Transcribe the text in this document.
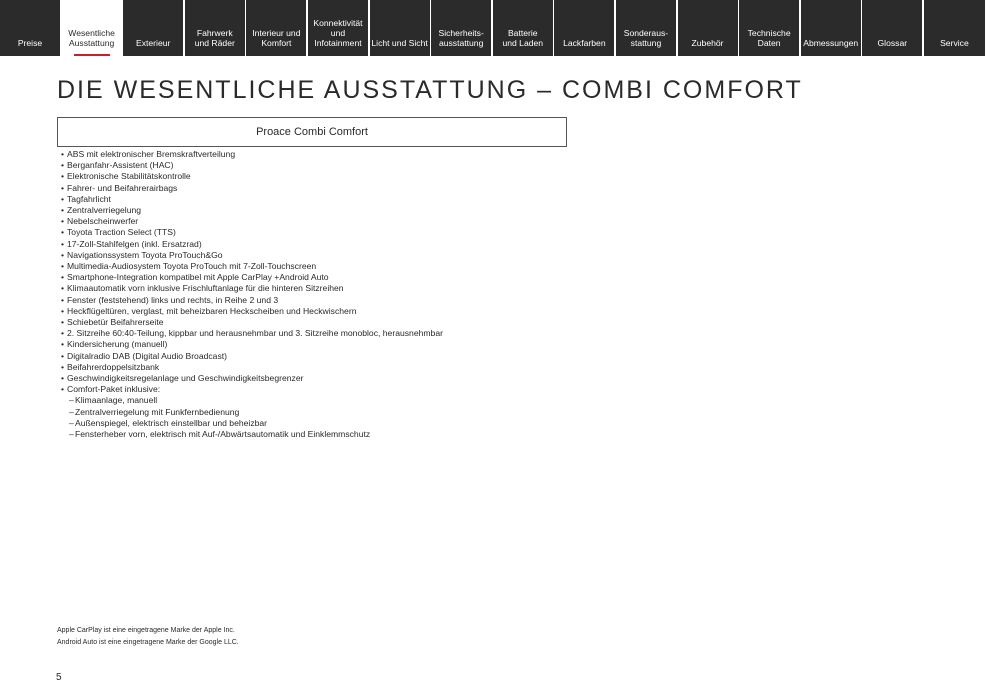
Preise
Wesentliche
Ausstattung	Exterieur
Fahrwerk
und Räder
Interieur und
Komfort
Konnektivität
und
Infotainment	Licht und Sicht
Sicherheits-
ausstattung
Batterie
und Laden	Lackfarben
Sonderaus-
stattung	Zubehör
Technische
Daten	Abmessungen	Glossar	Service
DIE WESENTLICHE AUSSTATTUNG – COMBI COMFORT
Proace Combi Comfort
• ABS mit elektronischer Bremskraftverteilung
• Berganfahr-Assistent (HAC)
• Elektronische Stabilitätskontrolle
• Fahrer- und Beifahrerairbags
• Tagfahrlicht
• Zentralverriegelung
• Nebelscheinwerfer
• Toyota Traction Select (TTS)
• 17-Zoll-Stahlfelgen (inkl. Ersatzrad)
• Navigationssystem Toyota ProTouch&Go
• Multimedia-Audiosystem Toyota ProTouch mit 7-Zoll-Touchscreen
• Smartphone-Integration kompatibel mit Apple CarPlay +Android Auto
• Klimaautomatik vorn inklusive Frischluftanlage für die hinteren Sitzreihen
• Fenster (feststehend) links und rechts, in Reihe 2 und 3
• Heckflügeltüren, verglast, mit beheizbaren Heckscheiben und Heckwischern
• Schiebetür Beifahrerseite
• 2. Sitzreihe 60:40-Teilung, kippbar und herausnehmbar und 3. Sitzreihe monobloc, herausnehmbar
• Kindersicherung (manuell)
• Digitalradio DAB (Digital Audio Broadcast)
• Beifahrerdoppelsitzbank
• Geschwindigkeitsregelanlage und Geschwindigkeitsbegrenzer
• Comfort-Paket inklusive:
–Klimaanlage, manuell
–Zentralverriegelung mit Funkfernbedienung
–Außenspiegel, elektrisch einstellbar und beheizbar
–Fensterheber vorn, elektrisch mit Auf-/Abwärtsautomatik und Einklemmschutz
Apple CarPlay ist eine eingetragene Marke der Apple Inc.
Android Auto ist eine eingetragene Marke der Google LLC.
5
